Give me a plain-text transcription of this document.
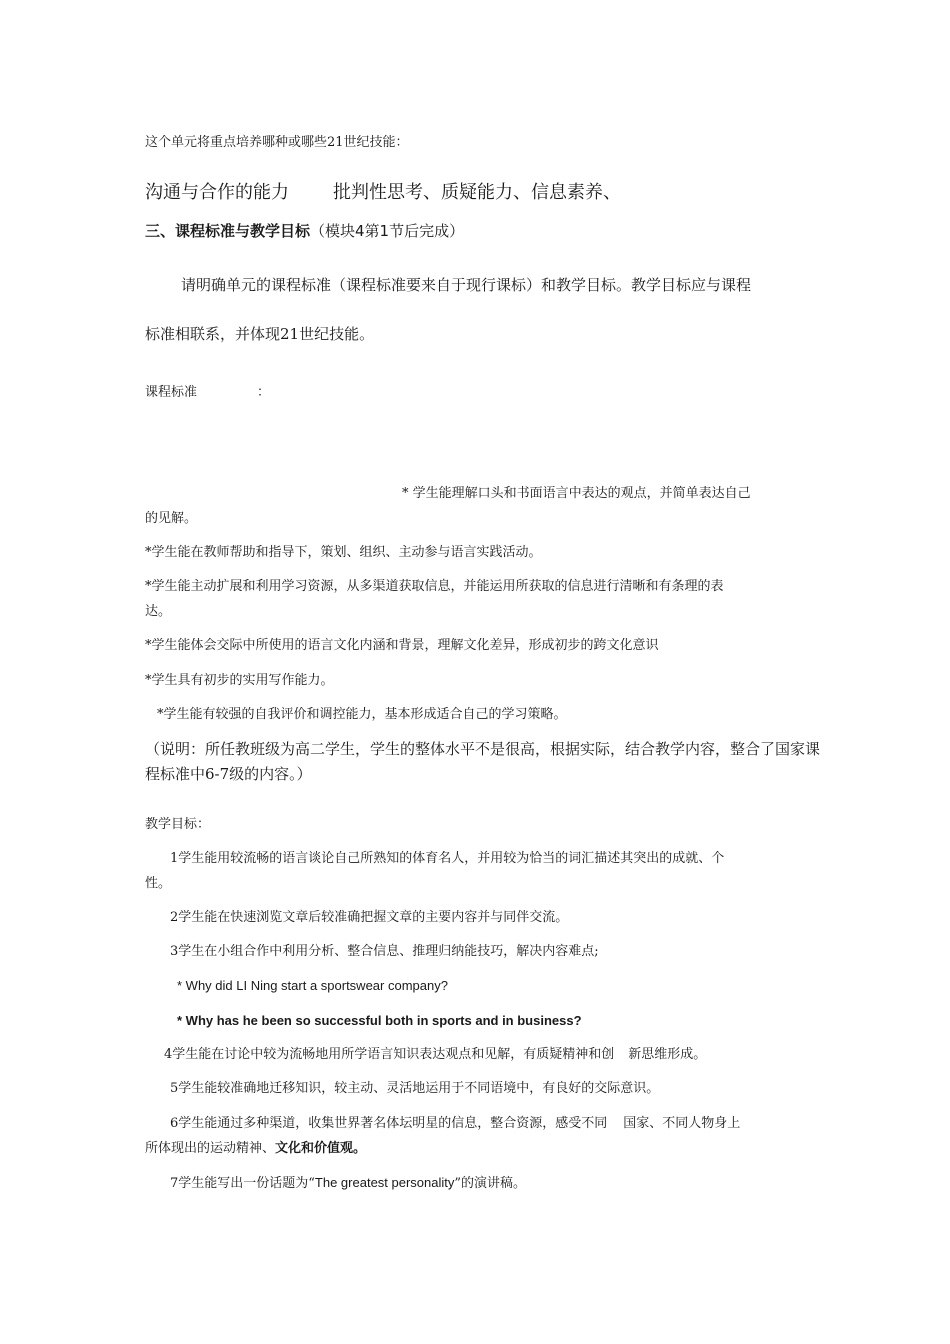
这个单元将重点培养哪种或哪些21世纪技能：
沟通与合作的能力 批判性思考、质疑能力、信息素养、
三、课程标准与教学目标（模块4第1节后完成）
请明确单元的课程标准（课程标准要来自于现行课标）和教学目标。教学目标应与课程
标准相联系，并体现21世纪技能。
课程标准	：
* 学生能理解口头和书面语言中表达的观点，并简单表达自己
的见解。
*学生能在教师帮助和指导下，策划、组织、主动参与语言实践活动。
*学生能主动扩展和利用学习资源，从多渠道获取信息，并能运用所获取的信息进行清晰和有条理的表
达。
*学生能体会交际中所使用的语言文化内涵和背景，理解文化差异，形成初步的跨文化意识
*学生具有初步的实用写作能力。
*学生能有较强的自我评价和调控能力，基本形成适合自己的学习策略。
（说明：所任教班级为高二学生，学生的整体水平不是很高，根据实际，结合教学内容，整合了国家课
程标准中6-7级的内容。）
教学目标：
1学生能用较流畅的语言谈论自己所熟知的体育名人，并用较为恰当的词汇描述其突出的成就、个
性。
2学生能在快速浏览文章后较准确把握文章的主要内容并与同伴交流。
3学生在小组合作中利用分析、整合信息、推理归纳能技巧，解决内容难点;
* Why did LI Ning start a sportswear company?
* Why has he been so successful both in sports and in business?
4学生能在讨论中较为流畅地用所学语言知识表达观点和见解，有质疑精神和创 新思维形成。
5学生能较准确地迁移知识，较主动、灵活地运用于不同语境中，有良好的交际意识。
6学生能通过多种渠道，收集世界著名体坛明星的信息，整合资源，感受不同 国家、不同人物身上
所体现出的运动精神、文化和价值观。
7学生能写出一份话题为“The greatest personality”的演讲稿。
